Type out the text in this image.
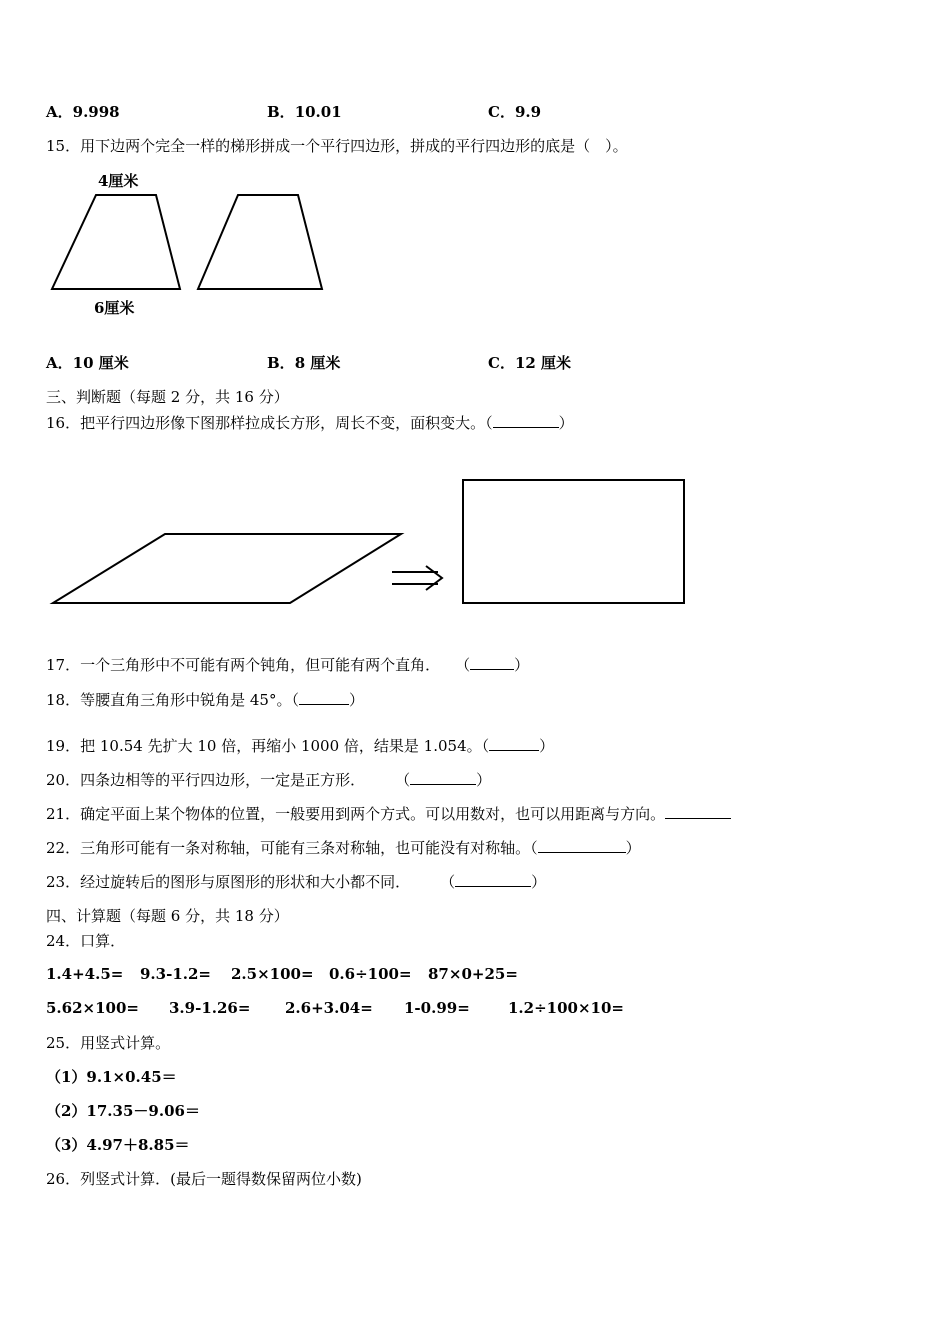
A．9.998	B．10.01	C．9.9
15．用下边两个完全一样的梯形拼成一个平行四边形，拼成的平行四边形的底是（　）。
4厘米
6厘米
A．10 厘米	B．8 厘米	C．12 厘米
三、判断题（每题 2 分，共 16 分）
16．把平行四边形像下图那样拉成长方形，周长不变，面积变大。（	）
17．一个三角形中不可能有两个钝角，但可能有两个直角．　　（	）
18．等腰直角三角形中锐角是 45°。（	）
19．把 10.54 先扩大 10 倍，再缩小 1000 倍，结果是 1.054。（	）
20．四条边相等的平行四边形，一定是正方形．　　　（	）
21．确定平面上某个物体的位置，一般要用到两个方式。可以用数对，也可以用距离与方向。
22．三角形可能有一条对称轴，可能有三条对称轴，也可能没有对称轴。（	）
23．经过旋转后的图形与原图形的形状和大小都不同．　　　（	）
四、计算题（每题 6 分，共 18 分）
24．口算．
1.4+4.5= 9.3-1.2= 2.5×100= 0.6÷100= 87×0+25=
5.62×100= 3.9-1.26= 2.6+3.04= 1-0.99=	1.2÷100×10=
25．用竖式计算。
（1）9.1×0.45＝
（2）17.35－9.06＝
（3）4.97＋8.85＝
26．列竖式计算．(最后一题得数保留两位小数)
